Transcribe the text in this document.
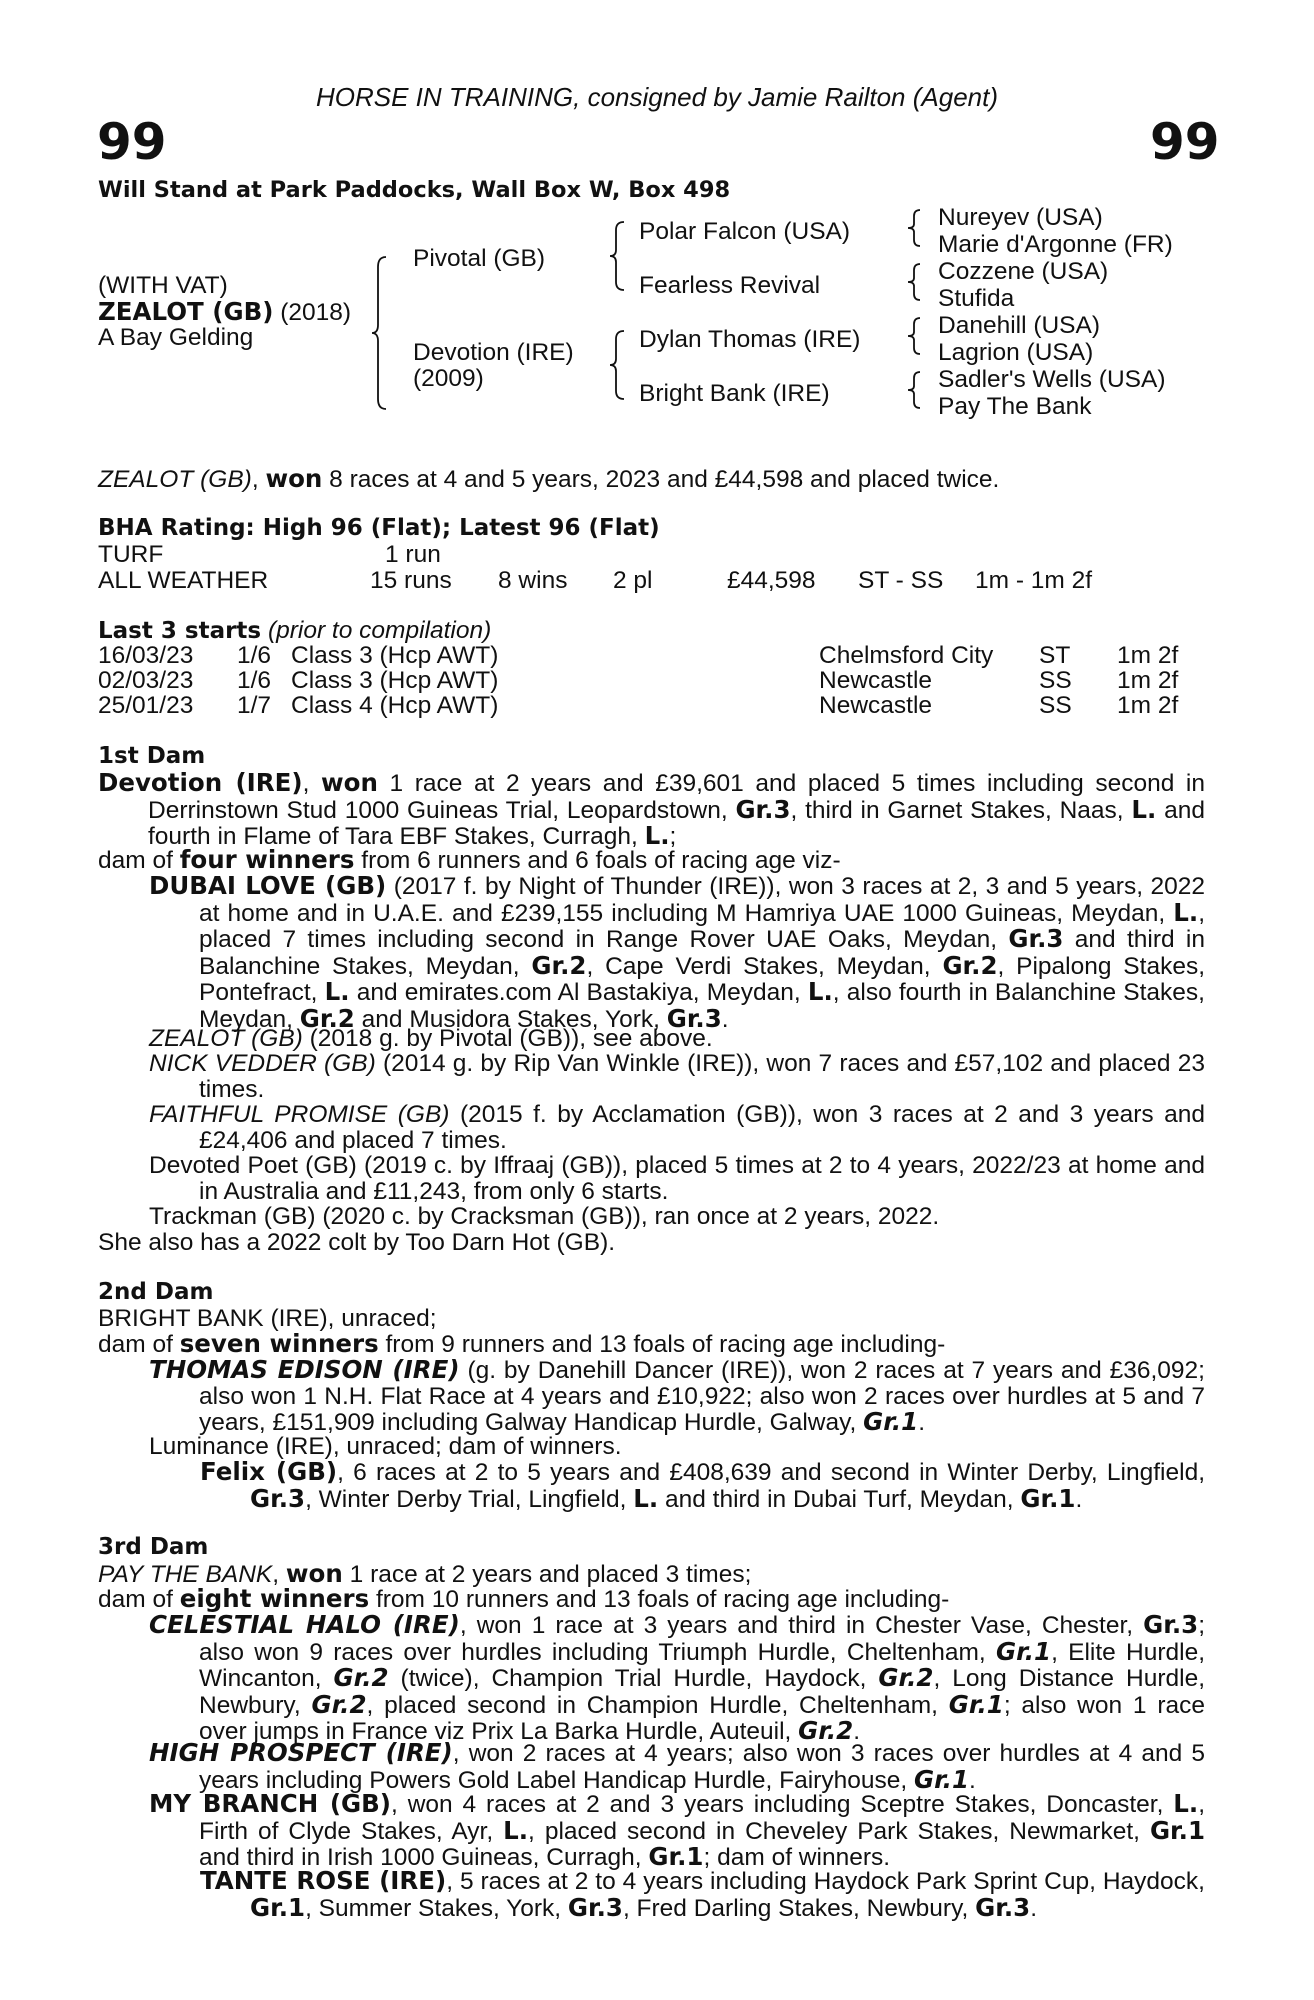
HORSE IN TRAINING, consigned by Jamie Railton (Agent)
99	99
Will Stand at Park Paddocks, Wall Box W, Box 498
(WITH VAT)
ZEALOT (GB) (2018)
A Bay Gelding
Pivotal (GB)
Devotion (IRE)
(2009)
Polar Falcon (USA)
Fearless Revival
Dylan Thomas (IRE)
Bright Bank (IRE)
Nureyev (USA)
Marie d'Argonne (FR)
Cozzene (USA)
Stufida
Danehill (USA)
Lagrion (USA)
Sadler's Wells (USA)
Pay The Bank
ZEALOT (GB), won 8 races at 4 and 5 years, 2023 and £44,598 and placed twice.
BHA Rating: High 96 (Flat); Latest 96 (Flat)
TURF	1 run
ALL WEATHER	15 runs 8 wins 2 pl	£44,598 ST - SS 1m - 1m 2f
Last 3 starts (prior to compilation)
16/03/23 1/6 Class 3 (Hcp AWT)	Chelmsford City ST 1m 2f
02/03/23 1/6 Class 3 (Hcp AWT)	Newcastle	SS 1m 2f
25/01/23 1/7 Class 4 (Hcp AWT)	Newcastle	SS 1m 2f
1st Dam
Devotion (IRE), won 1 race at 2 years and £39,601 and placed 5 times including second in Derrinstown Stud 1000 Guineas Trial, Leopardstown, Gr.3, third in Garnet Stakes, Naas, L. and fourth in Flame of Tara EBF Stakes, Curragh, L.;
dam of four winners from 6 runners and 6 foals of racing age viz-
DUBAI LOVE (GB) (2017 f. by Night of Thunder (IRE)), won 3 races at 2, 3 and 5 years, 2022 at home and in U.A.E. and £239,155 including M Hamriya UAE 1000 Guineas, Meydan, L., placed 7 times including second in Range Rover UAE Oaks, Meydan, Gr.3 and third in Balanchine Stakes, Meydan, Gr.2, Cape Verdi Stakes, Meydan, Gr.2, Pipalong Stakes, Pontefract, L. and emirates.com Al Bastakiya, Meydan, L., also fourth in Balanchine Stakes, Meydan, Gr.2 and Musidora Stakes, York, Gr.3.
ZEALOT (GB) (2018 g. by Pivotal (GB)), see above.
NICK VEDDER (GB) (2014 g. by Rip Van Winkle (IRE)), won 7 races and £57,102 and placed 23 times.
FAITHFUL PROMISE (GB) (2015 f. by Acclamation (GB)), won 3 races at 2 and 3 years and £24,406 and placed 7 times.
Devoted Poet (GB) (2019 c. by Iffraaj (GB)), placed 5 times at 2 to 4 years, 2022/23 at home and in Australia and £11,243, from only 6 starts.
Trackman (GB) (2020 c. by Cracksman (GB)), ran once at 2 years, 2022.
She also has a 2022 colt by Too Darn Hot (GB).
2nd Dam
BRIGHT BANK (IRE), unraced;
dam of seven winners from 9 runners and 13 foals of racing age including-
THOMAS EDISON (IRE) (g. by Danehill Dancer (IRE)), won 2 races at 7 years and £36,092; also won 1 N.H. Flat Race at 4 years and £10,922; also won 2 races over hurdles at 5 and 7 years, £151,909 including Galway Handicap Hurdle, Galway, Gr.1.
Luminance (IRE), unraced; dam of winners.
Felix (GB), 6 races at 2 to 5 years and £408,639 and second in Winter Derby, Lingfield, Gr.3, Winter Derby Trial, Lingfield, L. and third in Dubai Turf, Meydan, Gr.1.
3rd Dam
PAY THE BANK, won 1 race at 2 years and placed 3 times;
dam of eight winners from 10 runners and 13 foals of racing age including-
CELESTIAL HALO (IRE), won 1 race at 3 years and third in Chester Vase, Chester, Gr.3; also won 9 races over hurdles including Triumph Hurdle, Cheltenham, Gr.1, Elite Hurdle, Wincanton, Gr.2 (twice), Champion Trial Hurdle, Haydock, Gr.2, Long Distance Hurdle, Newbury, Gr.2, placed second in Champion Hurdle, Cheltenham, Gr.1; also won 1 race over jumps in France viz Prix La Barka Hurdle, Auteuil, Gr.2.
HIGH PROSPECT (IRE), won 2 races at 4 years; also won 3 races over hurdles at 4 and 5 years including Powers Gold Label Handicap Hurdle, Fairyhouse, Gr.1.
MY BRANCH (GB), won 4 races at 2 and 3 years including Sceptre Stakes, Doncaster, L., Firth of Clyde Stakes, Ayr, L., placed second in Cheveley Park Stakes, Newmarket, Gr.1 and third in Irish 1000 Guineas, Curragh, Gr.1; dam of winners.
TANTE ROSE (IRE), 5 races at 2 to 4 years including Haydock Park Sprint Cup, Haydock, Gr.1, Summer Stakes, York, Gr.3, Fred Darling Stakes, Newbury, Gr.3.
